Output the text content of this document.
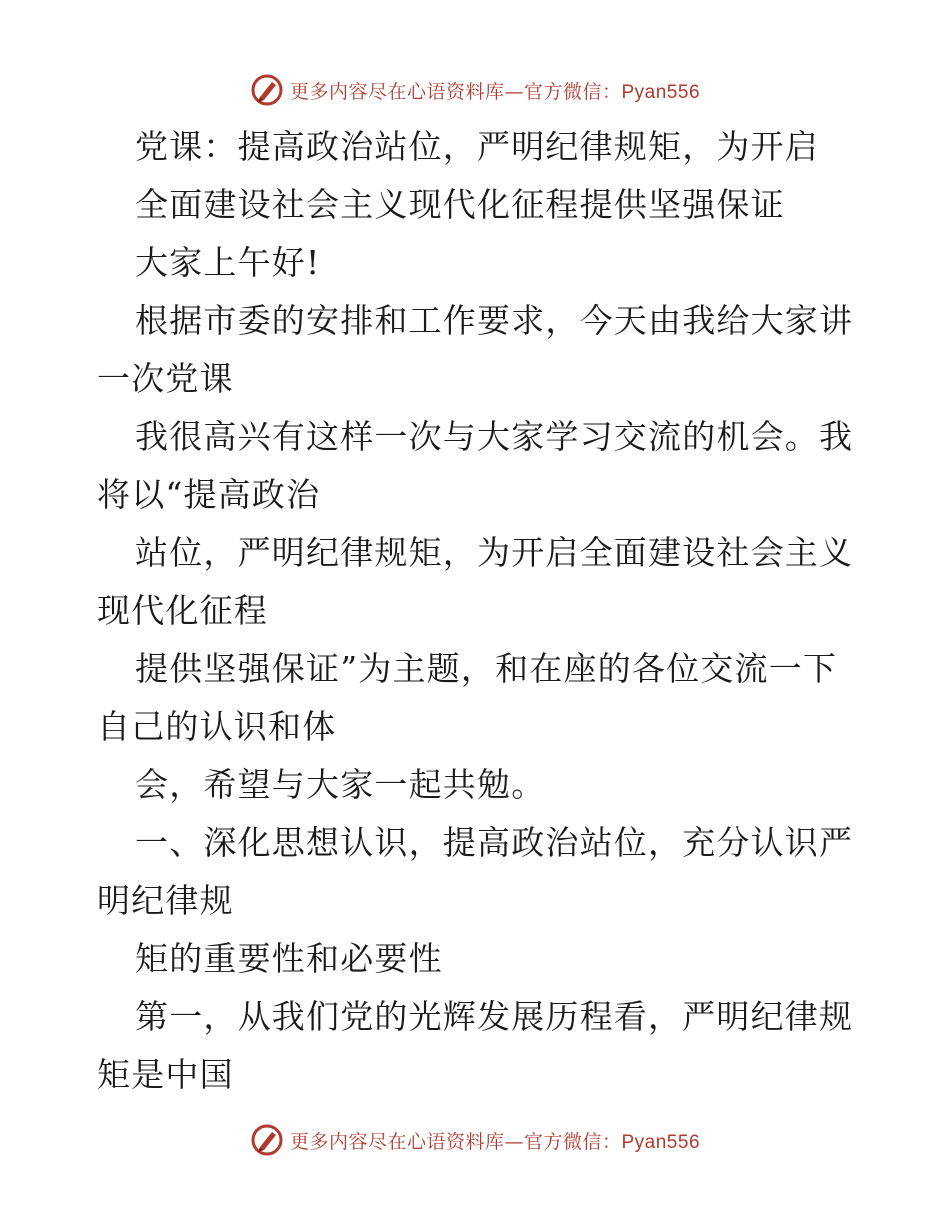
更多内容尽在心语资料库—官方微信：Pyan556
党课：提高政治站位，严明纪律规矩，为开启
全面建设社会主义现代化征程提供坚强保证
大家上午好!
根据市委的安排和工作要求，今天由我给大家讲
一次党课
我很高兴有这样一次与大家学习交流的机会。我
将以“提高政治
站位，严明纪律规矩，为开启全面建设社会主义
现代化征程
提供坚强保证”为主题，和在座的各位交流一下
自己的认识和体
会，希望与大家一起共勉。
一、深化思想认识，提高政治站位，充分认识严
明纪律规
矩的重要性和必要性
第一，从我们党的光辉发展历程看，严明纪律规
矩是中国
更多内容尽在心语资料库—官方微信：Pyan556
